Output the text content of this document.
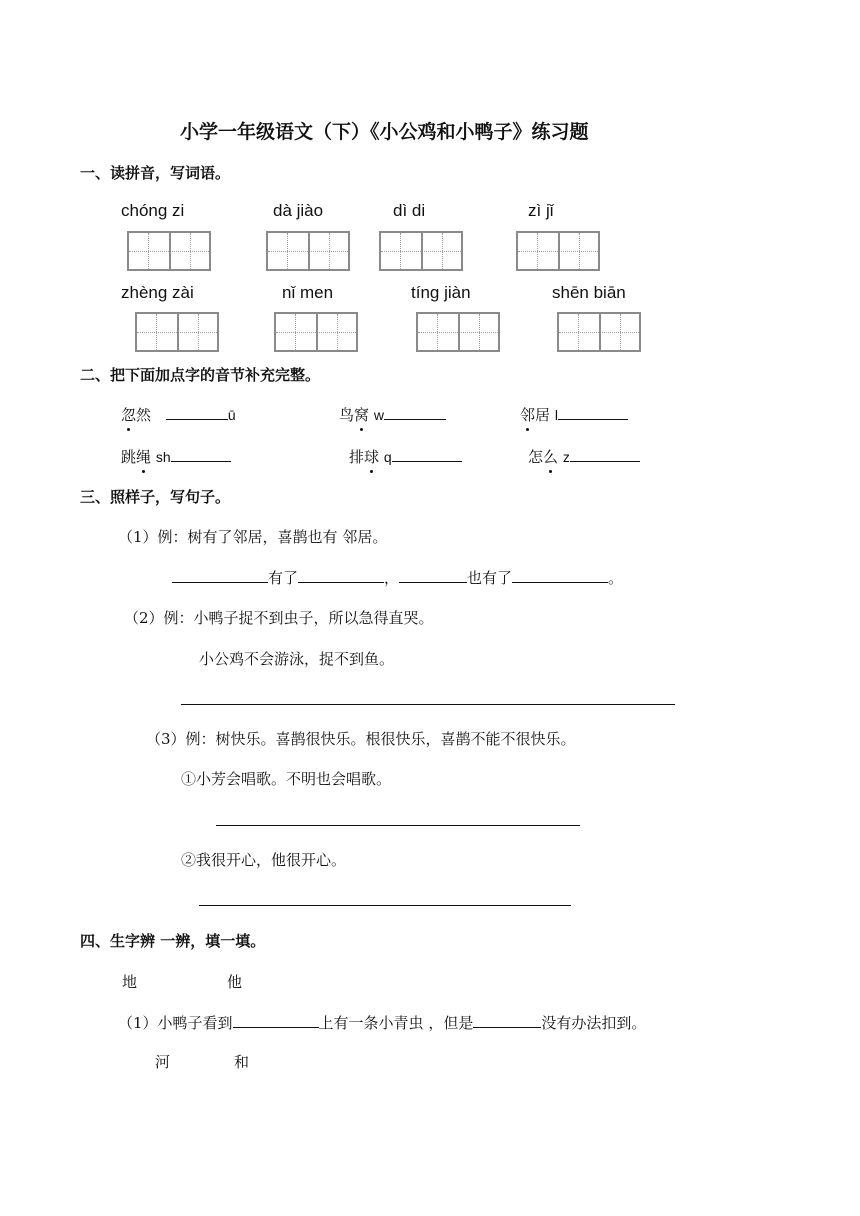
小学一年级语文（下）《小公鸡和小鸭子》练习题
一、读拼音，写词语。
chóng zi	dà jiào	dì di	zì jǐ
zhèng zài	nǐ men	tíng jiàn	shēn biān
二、把下面加点字的音节补充完整。
忽然	ū	鸟窝 w	邻居 l
跳绳 sh	排球 q	怎么 z
三、照样子，写句子。
（1）例：树有了邻居，喜鹊也有 邻居。
有了	，	也有了	。
（2）例：小鸭子捉不到虫子，所以急得直哭。
小公鸡不会游泳，捉不到鱼。
（3）例：树快乐。喜鹊很快乐。根很快乐，喜鹊不能不很快乐。
①小芳会唱歌。不明也会唱歌。
②我很开心，他很开心。
四、生字辨 一辨，填一填。
地	他
（1）小鸭子看到	上有一条小青虫 ，但是	没有办法扣到。
河	和
